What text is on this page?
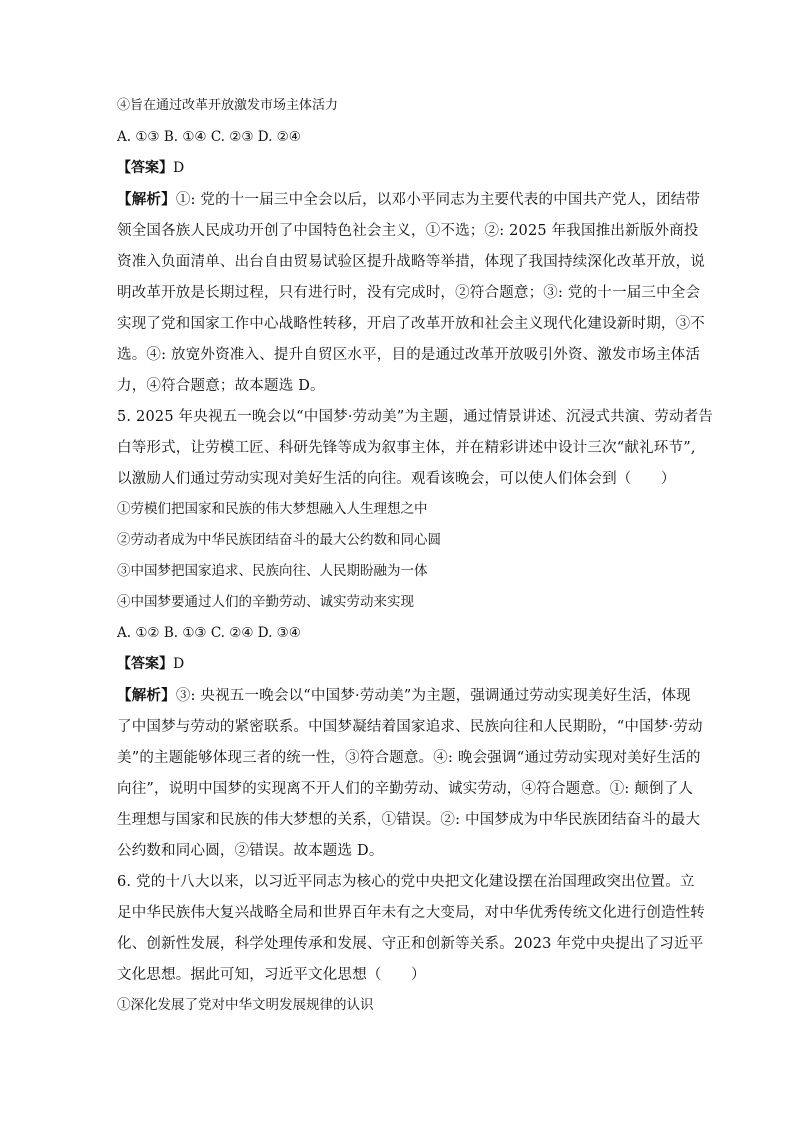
④旨在通过改革开放激发市场主体活力

A. ①③ B. ①④ C. ②③ D. ②④

【答案】D

【解析】①: 党的十一届三中全会以后，以邓小平同志为主要代表的中国共产党人，团结带
领全国各族人民成功开创了中国特色社会主义，①不选；②: 2025 年我国推出新版外商投
资准入负面清单、出台自由贸易试验区提升战略等举措，体现了我国持续深化改革开放，说
明改革开放是长期过程，只有进行时，没有完成时，②符合题意；③: 党的十一届三中全会
实现了党和国家工作中心战略性转移，开启了改革开放和社会主义现代化建设新时期，③不
选。④: 放宽外资准入、提升自贸区水平，目的是通过改革开放吸引外资、激发市场主体活
力，④符合题意；故本题选 D。
5. 2025 年央视五一晚会以“中国梦·劳动美”为主题，通过情景讲述、沉浸式共演、劳动者告
白等形式，让劳模工匠、科研先锋等成为叙事主体，并在精彩讲述中设计三次“献礼环节”,
以激励人们通过劳动实现对美好生活的向往。观看该晚会，可以使人们体会到（　　）

①劳模们把国家和民族的伟大梦想融入人生理想之中

②劳动者成为中华民族团结奋斗的最大公约数和同心圆

③中国梦把国家追求、民族向往、人民期盼融为一体

④中国梦要通过人们的辛勤劳动、诚实劳动来实现

A. ①② B. ①③ C. ②④ D. ③④

【答案】D

【解析】③: 央视五一晚会以“中国梦·劳动美”为主题，强调通过劳动实现美好生活，体现
了中国梦与劳动的紧密联系。中国梦凝结着国家追求、民族向往和人民期盼，“中国梦·劳动
美”的主题能够体现三者的统一性，③符合题意。④: 晚会强调“通过劳动实现对美好生活的
向往”，说明中国梦的实现离不开人们的辛勤劳动、诚实劳动，④符合题意。①: 颠倒了人
生理想与国家和民族的伟大梦想的关系，①错误。②: 中国梦成为中华民族团结奋斗的最大
公约数和同心圆，②错误。故本题选 D。
6. 党的十八大以来，以习近平同志为核心的党中央把文化建设摆在治国理政突出位置。立
足中华民族伟大复兴战略全局和世界百年未有之大变局，对中华优秀传统文化进行创造性转
化、创新性发展，科学处理传承和发展、守正和创新等关系。2023 年党中央提出了习近平
文化思想。据此可知，习近平文化思想（　　）

①深化发展了党对中华文明发展规律的认识
